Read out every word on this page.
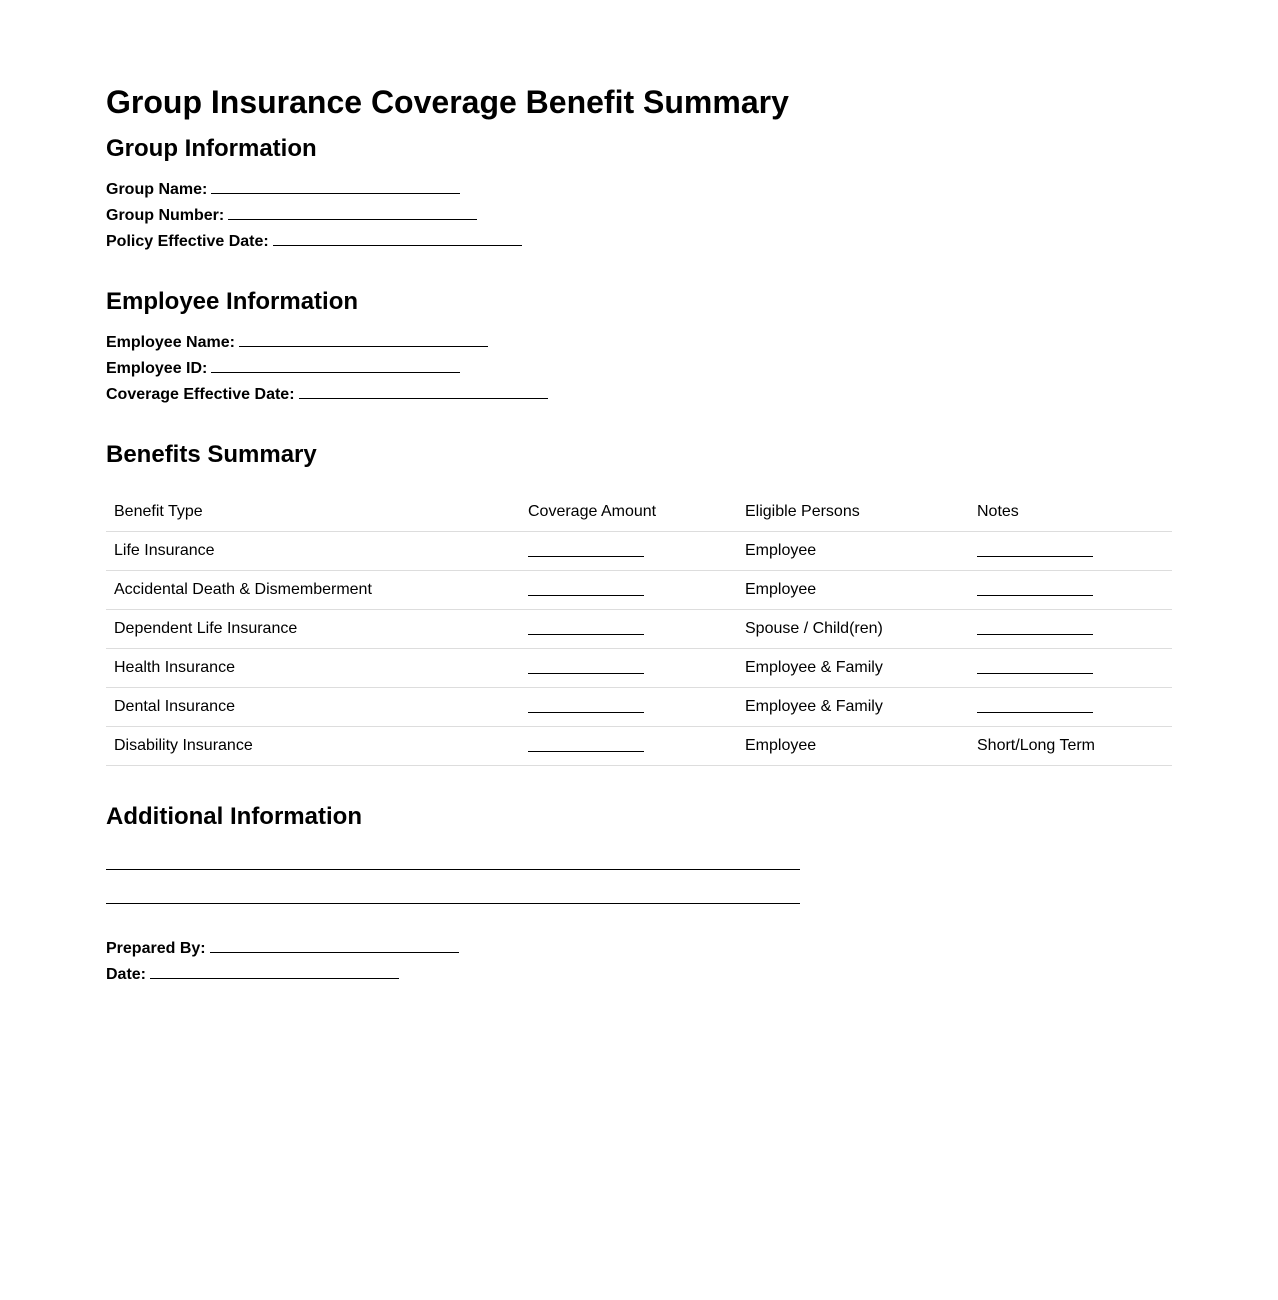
Group Insurance Coverage Benefit Summary
Group Information
Group Name:
Group Number:
Policy Effective Date:
Employee Information
Employee Name:
Employee ID:
Coverage Effective Date:
Benefits Summary
Benefit Type	Coverage Amount	Eligible Persons	Notes
Life Insurance		Employee	
Accidental Death & Dismemberment		Employee	
Dependent Life Insurance		Spouse / Child(ren)	
Health Insurance		Employee & Family	
Dental Insurance		Employee & Family	
Disability Insurance		Employee	Short/Long Term
Additional Information
Prepared By:
Date:
